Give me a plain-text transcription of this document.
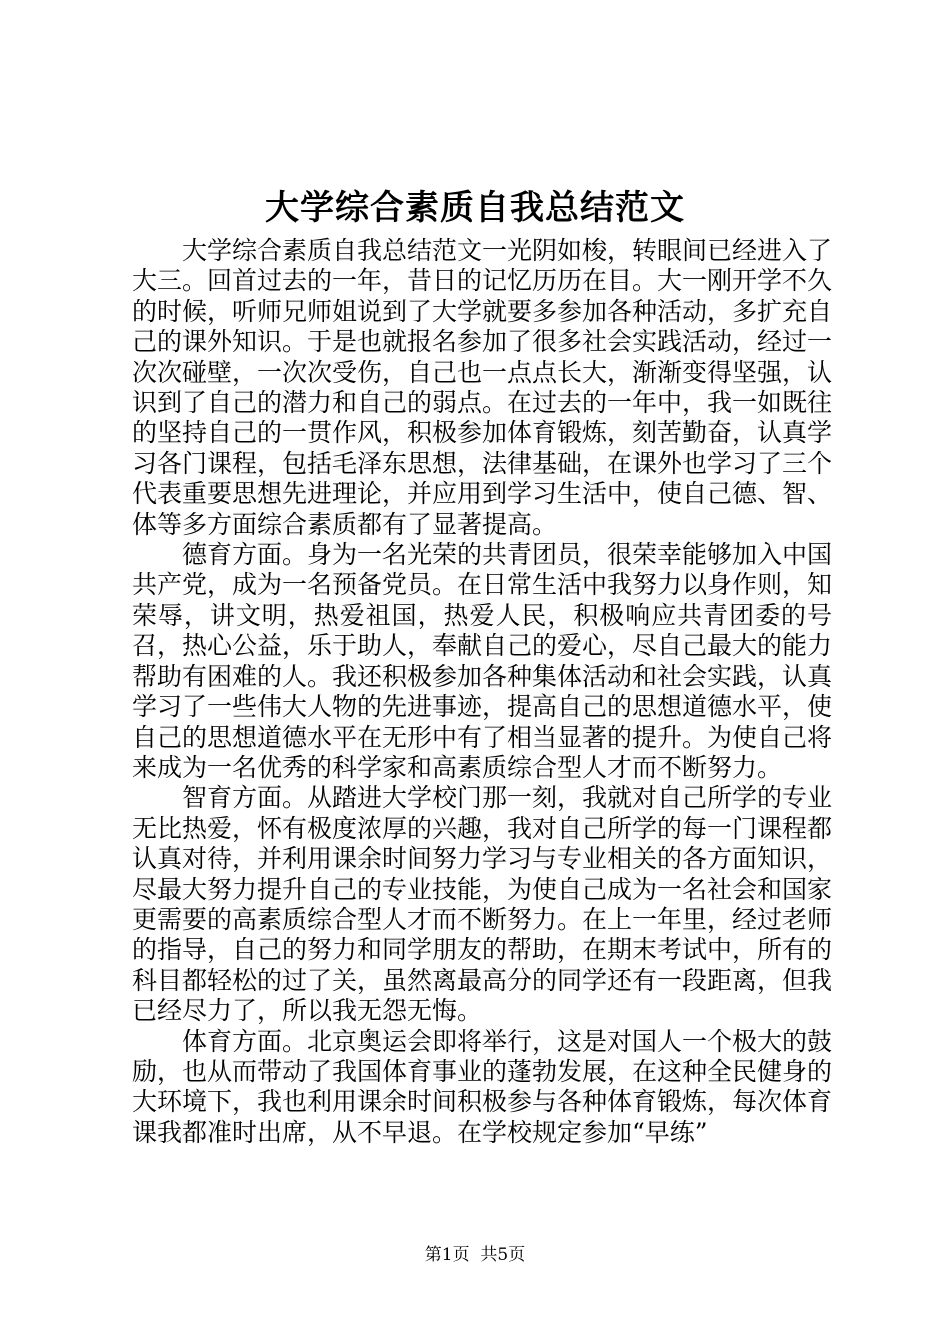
大学综合素质自我总结范文

大学综合素质自我总结范文一光阴如梭，转眼间已经进入了大三。回首过去的一年，昔日的记忆历历在目。大一刚开学不久的时候，听师兄师姐说到了大学就要多参加各种活动，多扩充自己的课外知识。于是也就报名参加了很多社会实践活动，经过一次次碰壁，一次次受伤，自己也一点点长大，渐渐变得坚强，认识到了自己的潜力和自己的弱点。在过去的一年中，我一如既往的坚持自己的一贯作风，积极参加体育锻炼，刻苦勤奋，认真学习各门课程，包括毛泽东思想，法律基础，在课外也学习了三个代表重要思想先进理论，并应用到学习生活中，使自己德、智、体等多方面综合素质都有了显著提高。

德育方面。身为一名光荣的共青团员，很荣幸能够加入中国共产党，成为一名预备党员。在日常生活中我努力以身作则，知荣辱，讲文明，热爱祖国，热爱人民，积极响应共青团委的号召，热心公益，乐于助人，奉献自己的爱心，尽自己最大的能力帮助有困难的人。我还积极参加各种集体活动和社会实践，认真学习了一些伟大人物的先进事迹，提高自己的思想道德水平，使自己的思想道德水平在无形中有了相当显著的提升。为使自己将来成为一名优秀的科学家和高素质综合型人才而不断努力。

智育方面。从踏进大学校门那一刻，我就对自己所学的专业无比热爱，怀有极度浓厚的兴趣，我对自己所学的每一门课程都认真对待，并利用课余时间努力学习与专业相关的各方面知识，尽最大努力提升自己的专业技能，为使自己成为一名社会和国家更需要的高素质综合型人才而不断努力。在上一年里，经过老师的指导，自己的努力和同学朋友的帮助，在期末考试中，所有的科目都轻松的过了关，虽然离最高分的同学还有一段距离，但我已经尽力了，所以我无怨无悔。

体育方面。北京奥运会即将举行，这是对国人一个极大的鼓励，也从而带动了我国体育事业的蓬勃发展，在这种全民健身的大环境下，我也利用课余时间积极参与各种体育锻炼，每次体育课我都准时出席，从不早退。在学校规定参加“早练”

第1页  共5页
